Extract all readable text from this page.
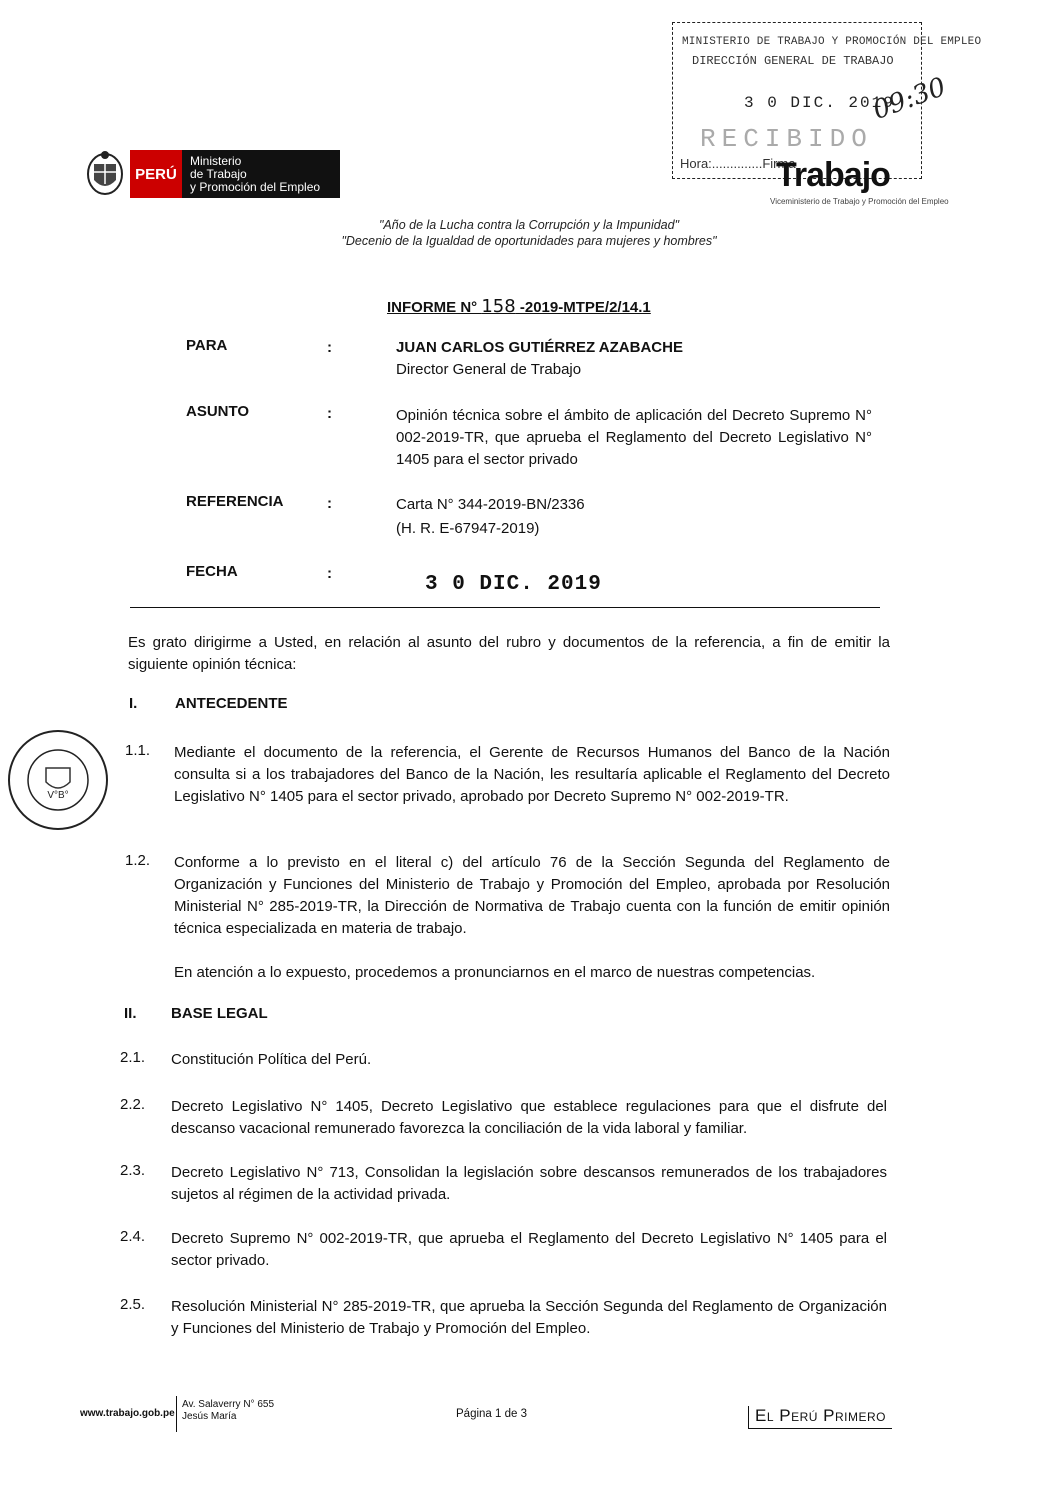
PERÚ
Ministerio
de Trabajo
y Promoción del Empleo
MINISTERIO DE TRABAJO Y PROMOCIÓN DEL EMPLEO
DIRECCIÓN GENERAL DE TRABAJO
3 0 DIC. 2019
RECIBIDO
09:30
Hora:..............Firma
Trabajo
Viceministerio de Trabajo y Promoción del Empleo
"Año de la Lucha contra la Corrupción y la Impunidad"
"Decenio de la Igualdad de oportunidades para mujeres y hombres"
INFORME N° 158 -2019-MTPE/2/14.1
PARA	:	JUAN CARLOS GUTIÉRREZ AZABACHE
Director General de Trabajo
ASUNTO	:	Opinión técnica sobre el ámbito de aplicación del Decreto Supremo N° 002-2019-TR, que aprueba el Reglamento del Decreto Legislativo N° 1405 para el sector privado
REFERENCIA	:	Carta N° 344-2019-BN/2336
(H. R. E-67947-2019)
FECHA	:	3 0 DIC. 2019
Es grato dirigirme a Usted, en relación al asunto del rubro y documentos de la referencia, a fin de emitir la siguiente opinión técnica:
I.	ANTECEDENTE
1.1. Mediante el documento de la referencia, el Gerente de Recursos Humanos del Banco de la Nación consulta si a los trabajadores del Banco de la Nación, les resultaría aplicable el Reglamento del Decreto Legislativo N° 1405 para el sector privado, aprobado por Decreto Supremo N° 002-2019-TR.
1.2. Conforme a lo previsto en el literal c) del artículo 76 de la Sección Segunda del Reglamento de Organización y Funciones del Ministerio de Trabajo y Promoción del Empleo, aprobada por Resolución Ministerial N° 285-2019-TR, la Dirección de Normativa de Trabajo cuenta con la función de emitir opinión técnica especializada en materia de trabajo.
En atención a lo expuesto, procedemos a pronunciarnos en el marco de nuestras competencias.
II. BASE LEGAL
2.1. Constitución Política del Perú.
2.2. Decreto Legislativo N° 1405, Decreto Legislativo que establece regulaciones para que el disfrute del descanso vacacional remunerado favorezca la conciliación de la vida laboral y familiar.
2.3. Decreto Legislativo N° 713, Consolidan la legislación sobre descansos remunerados de los trabajadores sujetos al régimen de la actividad privada.
2.4. Decreto Supremo N° 002-2019-TR, que aprueba el Reglamento del Decreto Legislativo N° 1405 para el sector privado.
2.5. Resolución Ministerial N° 285-2019-TR, que aprueba la Sección Segunda del Reglamento de Organización y Funciones del Ministerio de Trabajo y Promoción del Empleo.
V°B°
www.trabajo.gob.pe
Av. Salaverry N° 655
Jesús María	Página 1 de 3	El Perú Primero
